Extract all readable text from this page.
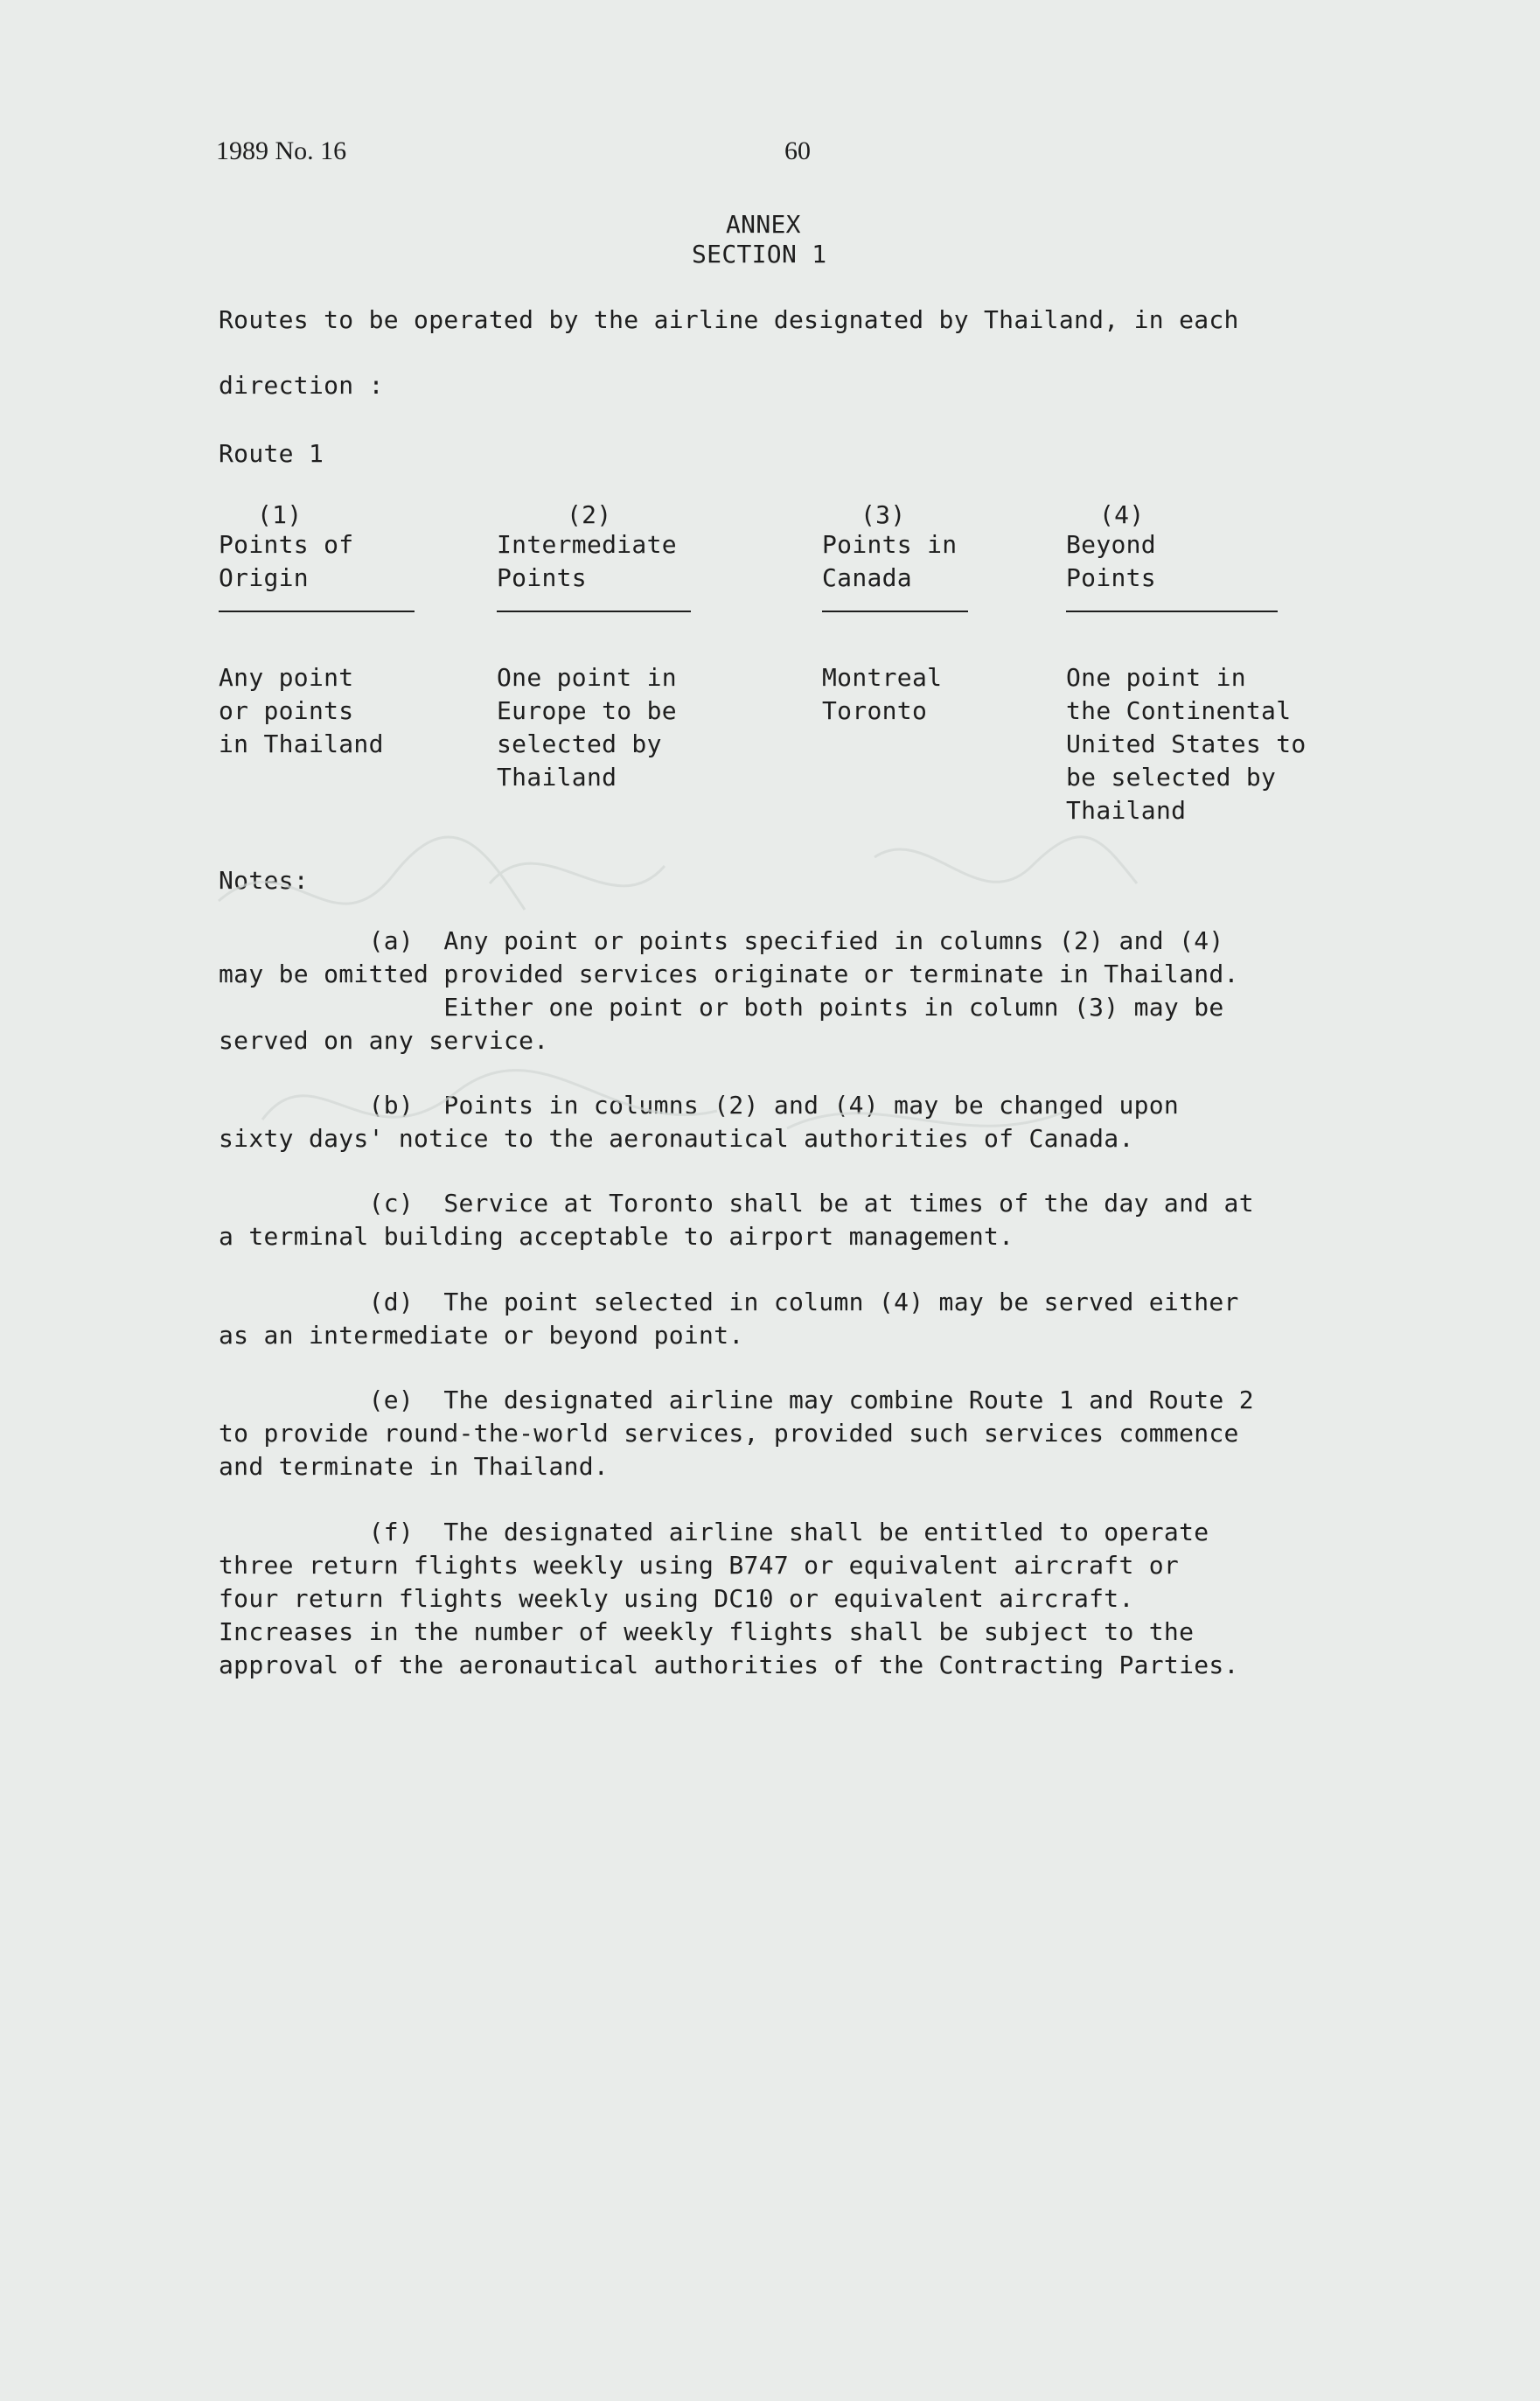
1989 No. 16	60
ANNEX
SECTION 1
Routes to be operated by the airline designated by Thailand, in each
direction :
Route 1
(1)
Points of
Origin
Any point
or points
in Thailand
(2)
Intermediate
Points
One point in
Europe to be
selected by
Thailand
(3)
Points in
Canada
Montreal
Toronto
(4)
Beyond
Points
One point in
the Continental
United States to
be selected by
Thailand
Notes:
(a)  Any point or points specified in columns (2) and (4)
may be omitted provided services originate or terminate in Thailand.
Either one point or both points in column (3) may be
served on any service.
(b)  Points in columns (2) and (4) may be changed upon
sixty days' notice to the aeronautical authorities of Canada.
(c)  Service at Toronto shall be at times of the day and at
a terminal building acceptable to airport management.
(d)  The point selected in column (4) may be served either
as an intermediate or beyond point.
(e)  The designated airline may combine Route 1 and Route 2
to provide round-the-world services, provided such services commence
and terminate in Thailand.
(f)  The designated airline shall be entitled to operate
three return flights weekly using B747 or equivalent aircraft or
four return flights weekly using DC10 or equivalent aircraft.
Increases in the number of weekly flights shall be subject to the
approval of the aeronautical authorities of the Contracting Parties.
